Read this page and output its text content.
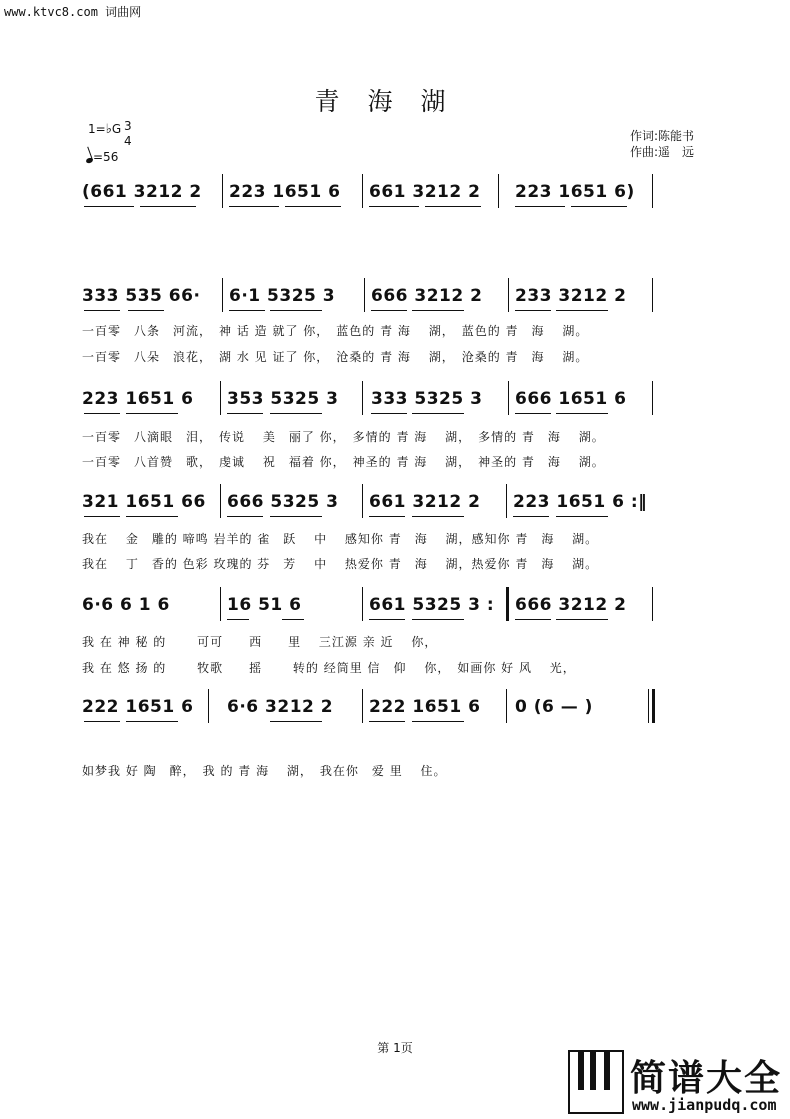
www.ktvc8.com 词曲网
青 海 湖
1=♭G 3
4
=56
作词:陈能书
作曲:遥　远
(661 3212 2 223 1651 6 661 3212 2 223 1651 6)
333 535 66· 6·1 5325 3 666 3212 2 233 3212 2
一百零　八条　河流，　神 话 造 就了 你，　蓝色的 青 海　 湖，　蓝色的 青　海　 湖。
一百零　八朵　浪花，　湖 水 见 证了 你，　沧桑的 青 海　 湖，　沧桑的 青　海　 湖。
223 1651 6 353 5325 3 333 5325 3 666 1651 6
一百零　八滴眼　泪，　传说　 美　丽了 你，　多情的 青 海　 湖，　多情的 青　海　 湖。
一百零　八首赞　歌，　虔诚　 祝　福着 你，　神圣的 青 海　 湖，　神圣的 青　海　 湖。
321 1651 66 666 5325 3 661 3212 2 223 1651 6 :‖
我在　 金　雕的 啼鸣 岩羊的 雀　跃　 中　 感知你 青　海　 湖，感知你 青　海　 湖。
我在　 丁　香的 色彩 玫瑰的 芬　芳　 中　 热爱你 青　海　 湖，热爱你 青　海　 湖。
6·6 6 1 6	16 51 6	661 5325 3 : 666 3212 2
我 在 神 秘 的　　 可可　　西　　里　 三江源 亲 近　 你，
我 在 悠 扬 的　　 牧歌　　摇　　 转的 经筒里 信　仰　 你，　如画你 好 风　 光，
222 1651 6 6·6 3212 2 222 1651 6 0 (6 — )
如梦我 好 陶　醉，　我 的 青 海　 湖，　我在你　爱 里　 住。
第 1页
简谱大全
www.jianpudq.com
